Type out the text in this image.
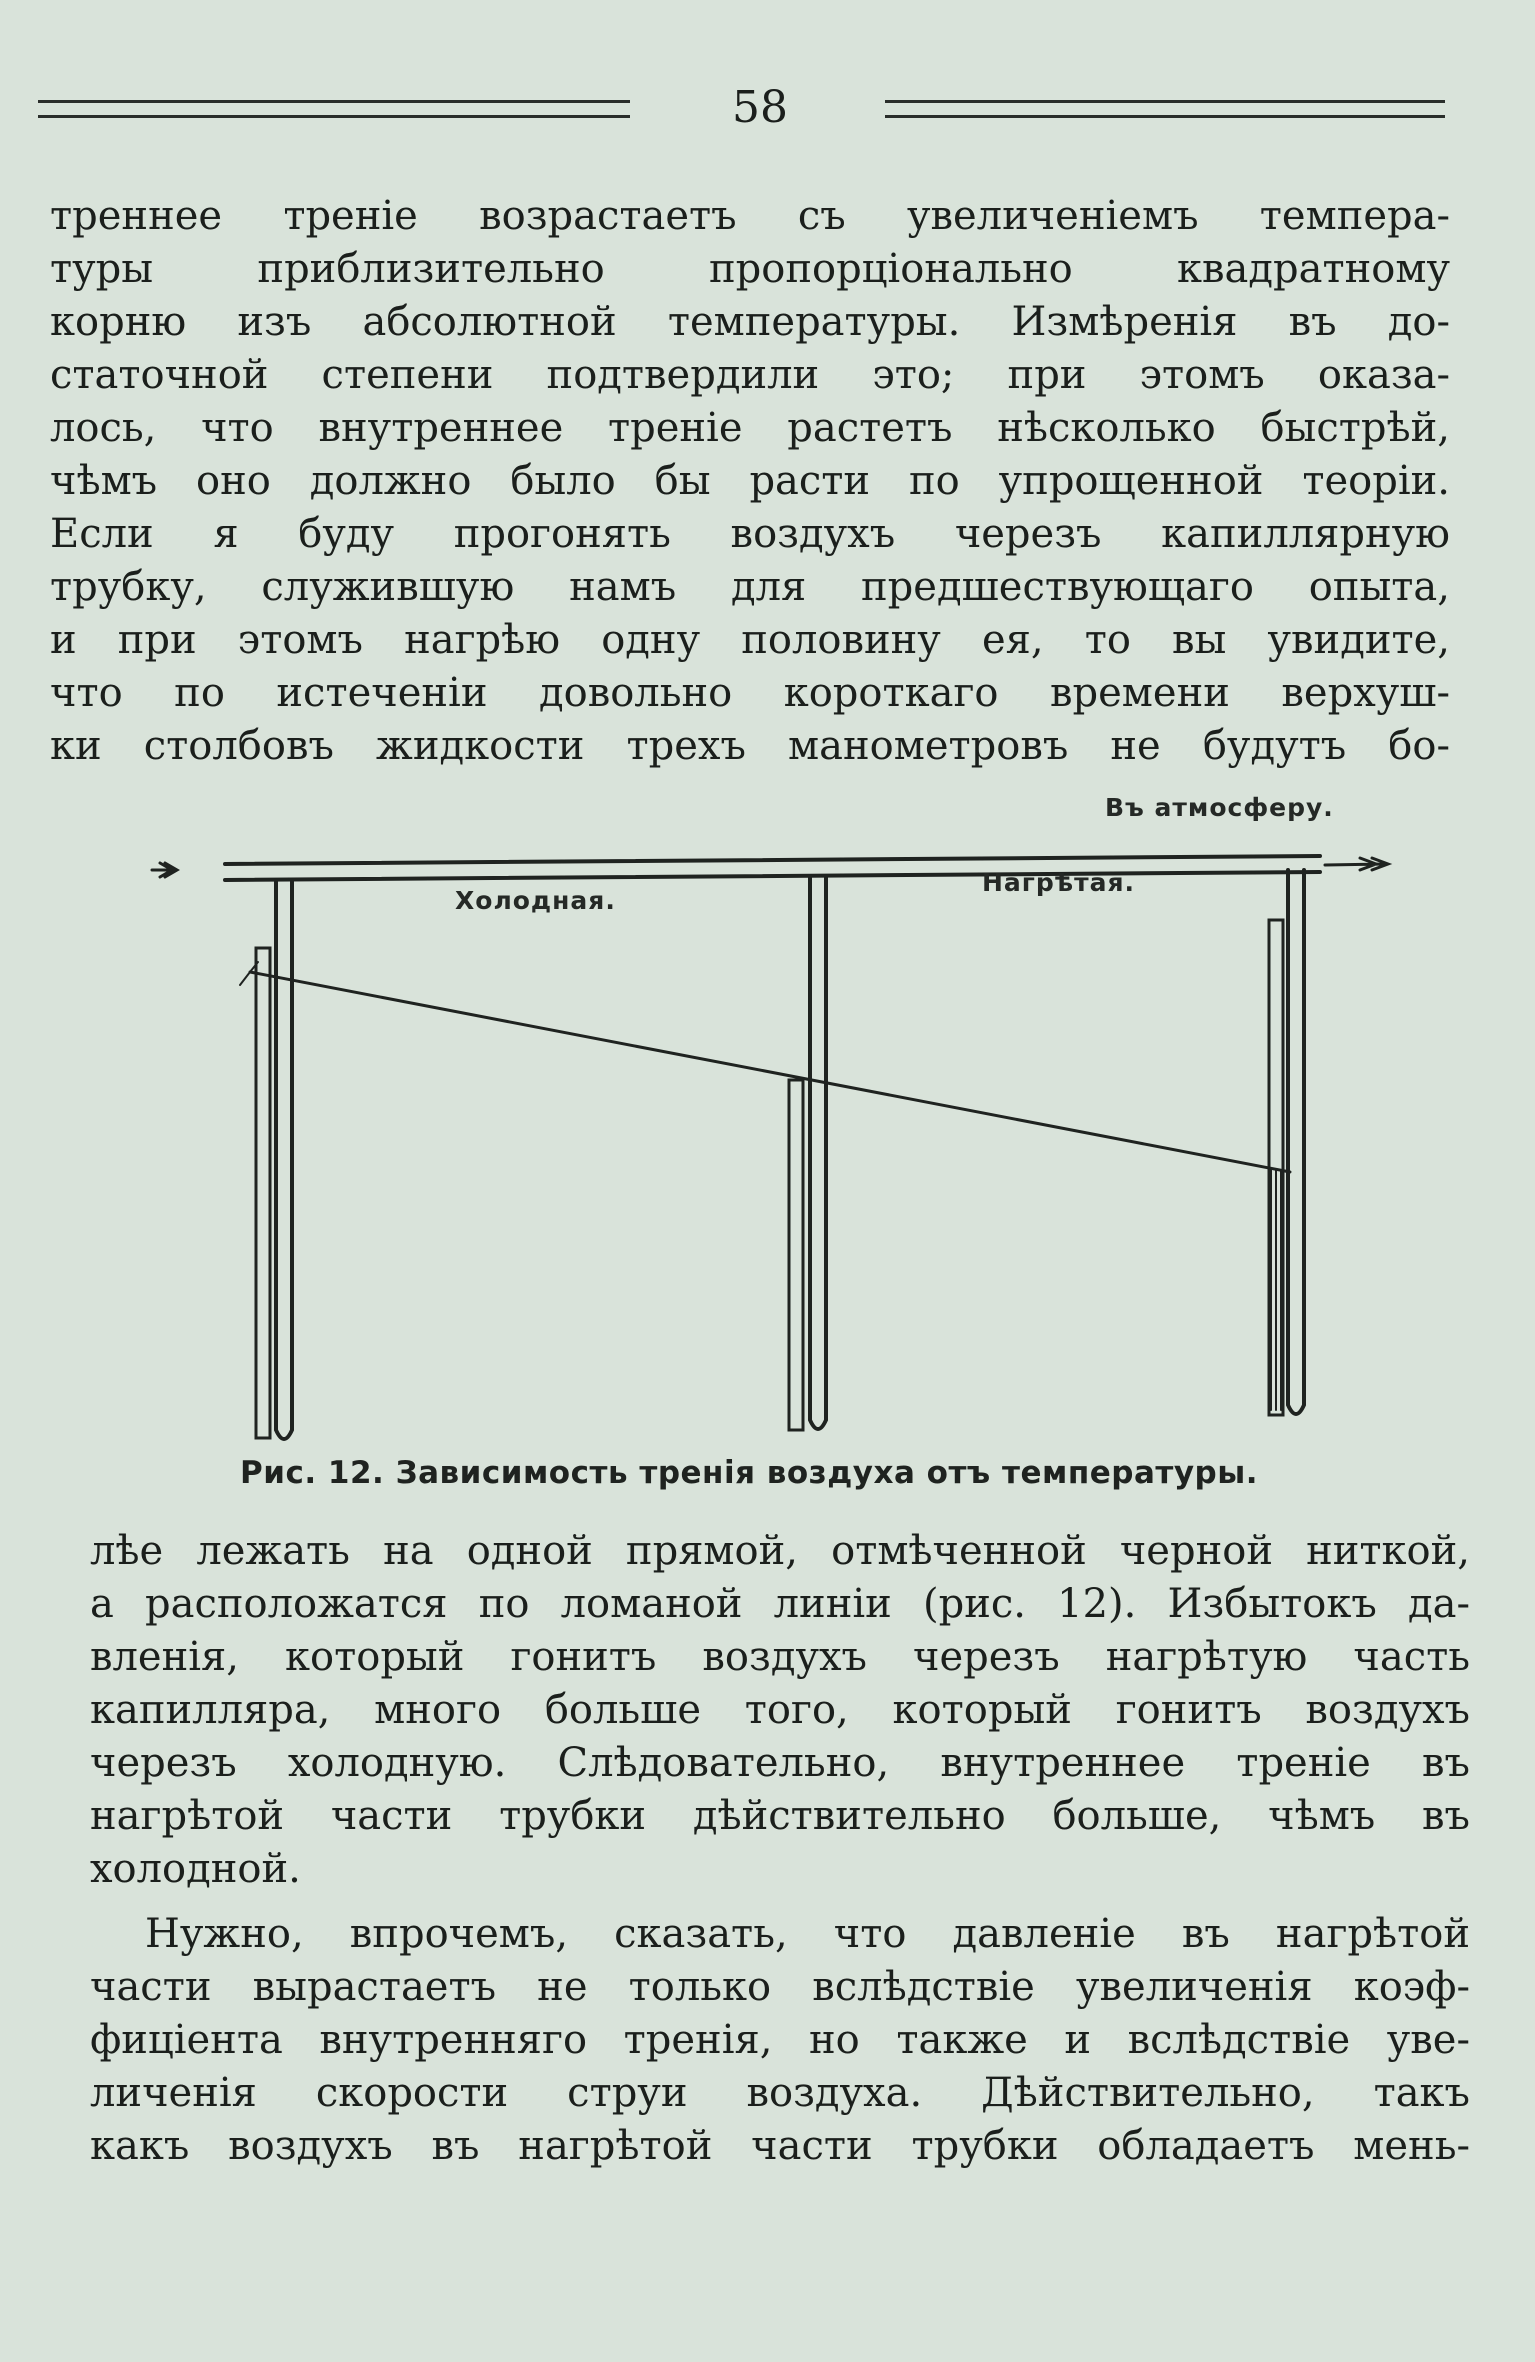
58
треннее треніе возрастаетъ съ увеличеніемъ темпера-
туры приблизительно пропорціонально квадратному
корню изъ абсолютной температуры. Измѣренія въ до-
статочной степени подтвердили это; при этомъ оказа-
лось, что внутреннее треніе растетъ нѣсколько быстрѣй,
чѣмъ оно должно было бы расти по упрощенной теоріи.
Если я буду прогонять воздухъ черезъ капиллярную
трубку, служившую намъ для предшествующаго опыта,
и при этомъ нагрѣю одну половину ея, то вы увидите,
что по истеченіи довольно короткаго времени верхуш-
ки столбовъ жидкости трехъ манометровъ не будутъ бо-
Въ атмосферу.
Холодная.
Нагрѣтая.
Рис. 12. Зависимость тренія воздуха отъ температуры.
лѣе лежать на одной прямой, отмѣченной черной ниткой,
а расположатся по ломаной линіи (рис. 12). Избытокъ да-
вленія, который гонитъ воздухъ черезъ нагрѣтую часть
капилляра, много больше того, который гонитъ воздухъ
черезъ холодную. Слѣдовательно, внутреннее треніе въ
нагрѣтой части трубки дѣйствительно больше, чѣмъ въ
холодной.
Нужно, впрочемъ, сказать, что давленіе въ нагрѣтой
части вырастаетъ не только вслѣдствіе увеличенія коэф-
фиціента внутренняго тренія, но также и вслѣдствіе уве-
личенія скорости струи воздуха. Дѣйствительно, такъ
какъ воздухъ въ нагрѣтой части трубки обладаетъ мень-
